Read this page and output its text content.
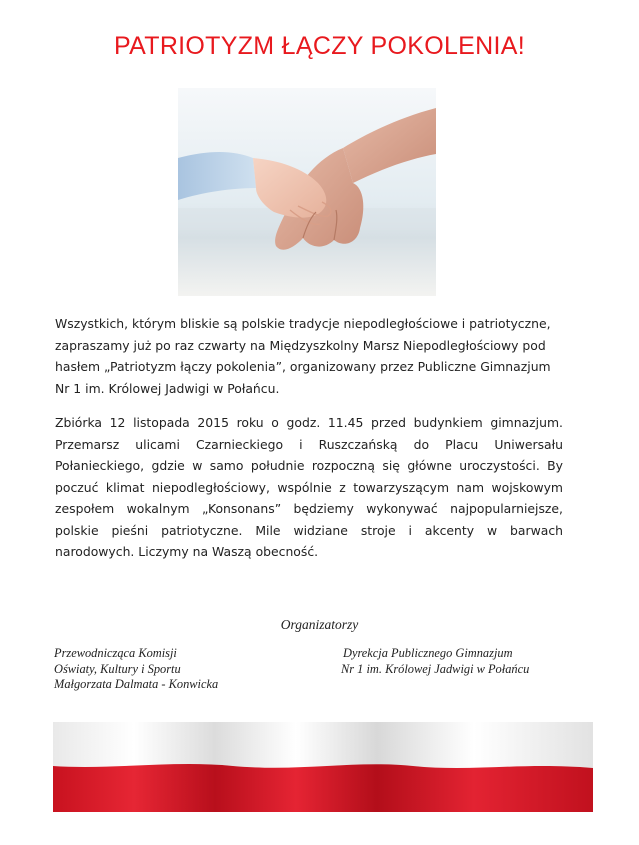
PATRIOTYZM ŁĄCZY POKOLENIA!
Wszystkich, którym bliskie są polskie tradycje niepodległościowe i patriotyczne, zapraszamy już po raz czwarty na Międzyszkolny Marsz Niepodległościowy pod hasłem „Patriotyzm łączy pokolenia”, organizowany przez Publiczne Gimnazjum Nr 1 im. Królowej Jadwigi w Połańcu.
Zbiórka 12 listopada 2015 roku o godz. 11.45 przed budynkiem gimnazjum. Przemarsz ulicami Czarnieckiego i Ruszczańską do Placu Uniwersału Połanieckiego, gdzie w samo południe rozpoczną się główne uroczystości. By poczuć klimat niepodległościowy, wspólnie z towarzyszącym nam wojskowym zespołem wokalnym „Konsonans” będziemy wykonywać najpopularniejsze, polskie pieśni patriotyczne. Mile widziane stroje i akcenty w barwach narodowych. Liczymy na Waszą obecność.
Organizatorzy
Przewodnicząca Komisji
Oświaty, Kultury i Sportu
Małgorzata Dalmata - Konwicka
Dyrekcja Publicznego Gimnazjum
Nr 1 im. Królowej Jadwigi w Połańcu
